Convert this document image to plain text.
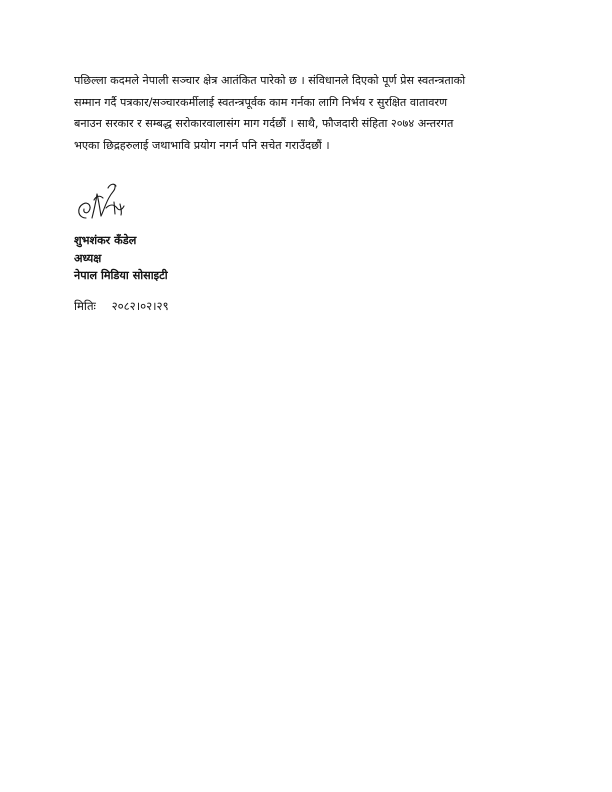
पछिल्ला कदमले नेपाली सञ्चार क्षेत्र आतंकित पारेको छ । संविधानले दिएको पूर्ण प्रेस स्वतन्त्रताको
सम्मान गर्दै पत्रकार/सञ्चारकर्मीलाई स्वतन्त्रपूर्वक काम गर्नका लागि निर्भय र सुरक्षित वातावरण
बनाउन सरकार र सम्बद्ध सरोकारवालासंग माग गर्दछौं । साथै, फौजदारी संहिता २०७४ अन्तरगत
भएका छिद्रहरुलाई जथाभावि प्रयोग नगर्न पनि सचेत गराउँदछौं ।
शुभशंकर कँडेल
अध्यक्ष
नेपाल मिडिया सोसाइटी
मितिः २०८२।०२।२९
